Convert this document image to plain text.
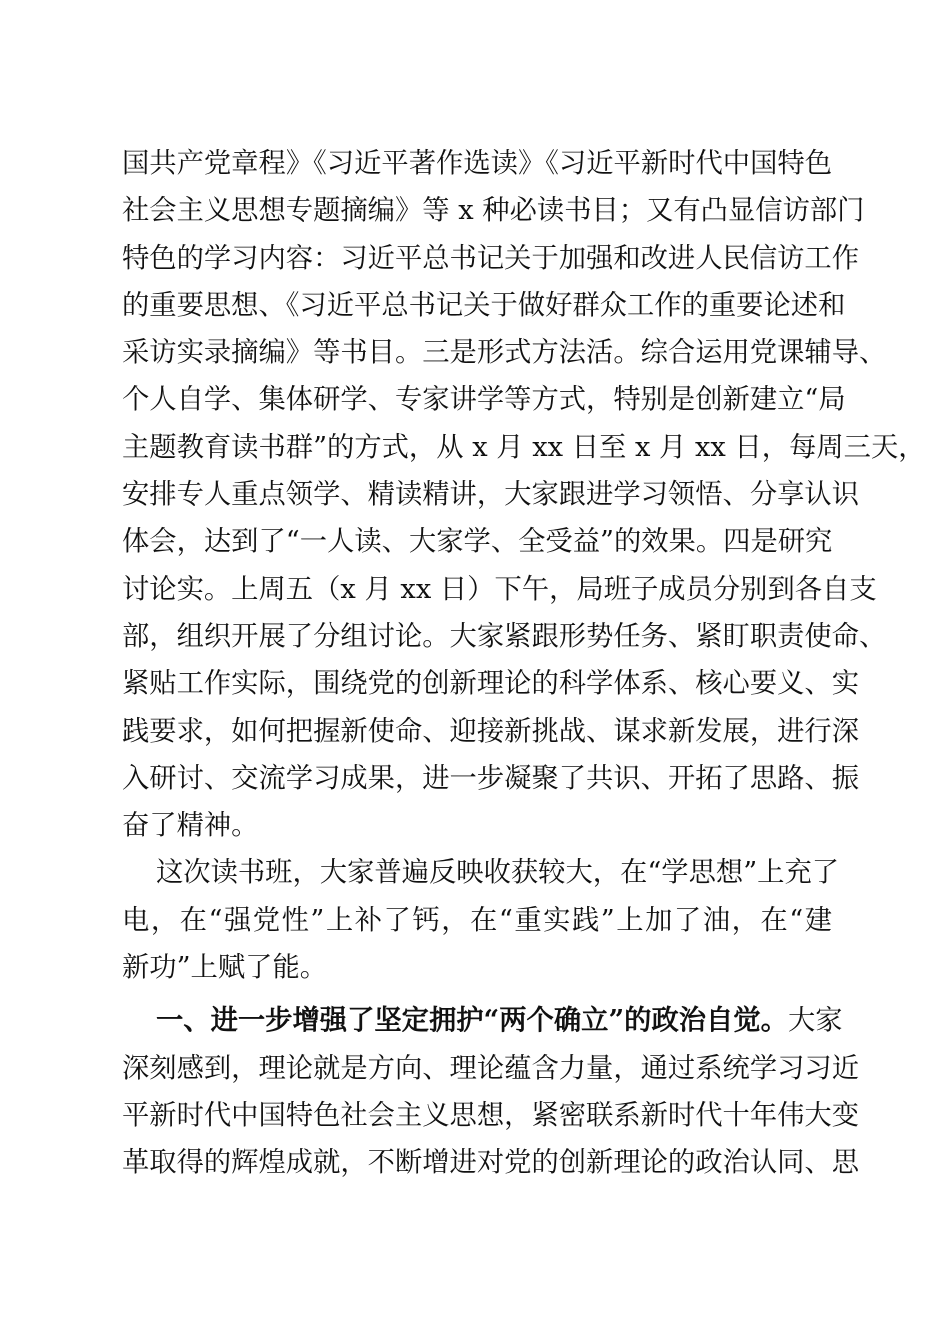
国共产党章程》《习近平著作选读》《习近平新时代中国特色
社会主义思想专题摘编》等 x 种必读书目；又有凸显信访部门
特色的学习内容：习近平总书记关于加强和改进人民信访工作
的重要思想、《习近平总书记关于做好群众工作的重要论述和
采访实录摘编》等书目。三是形式方法活。综合运用党课辅导、
个人自学、集体研学、专家讲学等方式，特别是创新建立“局
主题教育读书群”的方式，从 x 月 xx 日至 x 月 xx 日，每周三天，
安排专人重点领学、精读精讲，大家跟进学习领悟、分享认识
体会，达到了“一人读、大家学、全受益”的效果。四是研究
讨论实。上周五（x 月 xx 日）下午，局班子成员分别到各自支
部，组织开展了分组讨论。大家紧跟形势任务、紧盯职责使命、
紧贴工作实际，围绕党的创新理论的科学体系、核心要义、实
践要求，如何把握新使命、迎接新挑战、谋求新发展，进行深
入研讨、交流学习成果，进一步凝聚了共识、开拓了思路、振
奋了精神。
这次读书班，大家普遍反映收获较大，在“学思想”上充了
电，在“强党性”上补了钙，在“重实践”上加了油，在“建
新功”上赋了能。
一、进一步增强了坚定拥护“两个确立”的政治自觉。大家
深刻感到，理论就是方向、理论蕴含力量，通过系统学习习近
平新时代中国特色社会主义思想，紧密联系新时代十年伟大变
革取得的辉煌成就，不断增进对党的创新理论的政治认同、思
